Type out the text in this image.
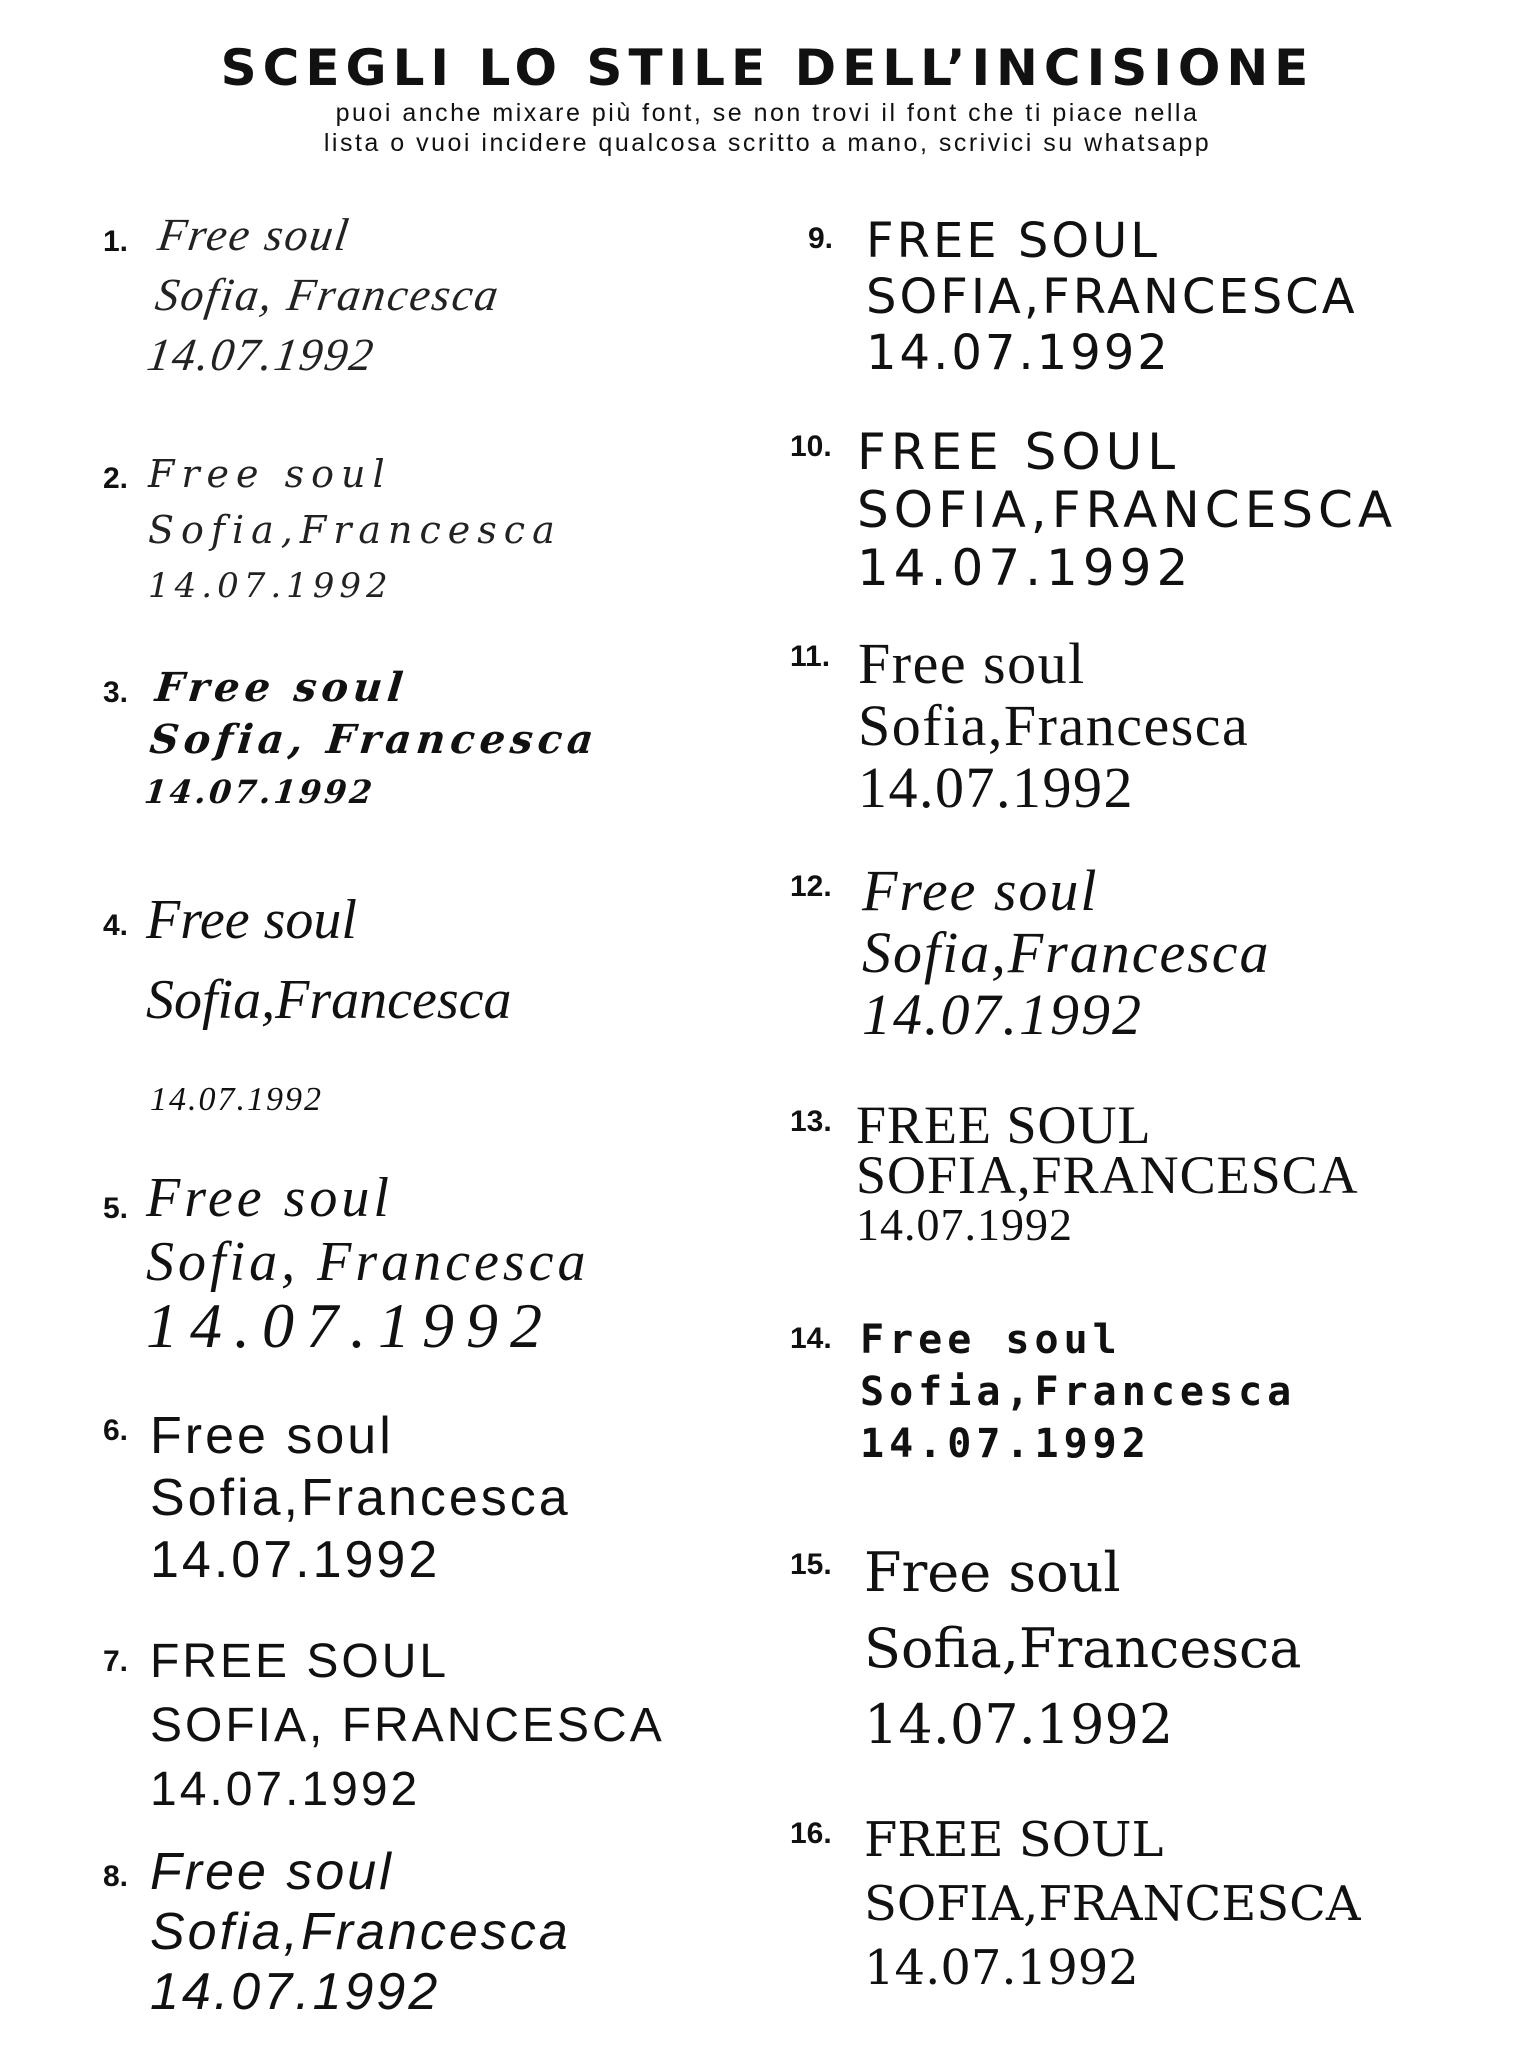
SCEGLI LO STILE DELL’INCISIONE

puoi anche mixare più font, se non trovi il font che ti piace nella

lista o vuoi incidere qualcosa scritto a mano, scrivici su whatsapp

1. Free soul
Sofia, Francesca
14.07.1992
2. Free soul
Sofia,Francesca
14.07.1992
3. Free soul
Sofia, Francesca
14.07.1992
4. Free soul
Sofia,Francesca
14.07.1992
5. Free soul
Sofia, Francesca
14.07.1992
6. Free soul
Sofia,Francesca
14.07.1992
7. FREE SOUL
SOFIA, FRANCESCA
14.07.1992
8. Free soul
Sofia,Francesca
14.07.1992
9. FREE SOUL
SOFIA,FRANCESCA
14.07.1992
10. FREE SOUL
SOFIA,FRANCESCA
14.07.1992
11. Free soul
Sofia,Francesca
14.07.1992
12. Free soul
Sofia,Francesca
14.07.1992
13. FREE SOUL
SOFIA,FRANCESCA
14.07.1992
14. Free soul
Sofia,Francesca
14.07.1992
15. Free soul
Sofia,Francesca
14.07.1992
16. FREE SOUL
SOFIA,FRANCESCA
14.07.1992
